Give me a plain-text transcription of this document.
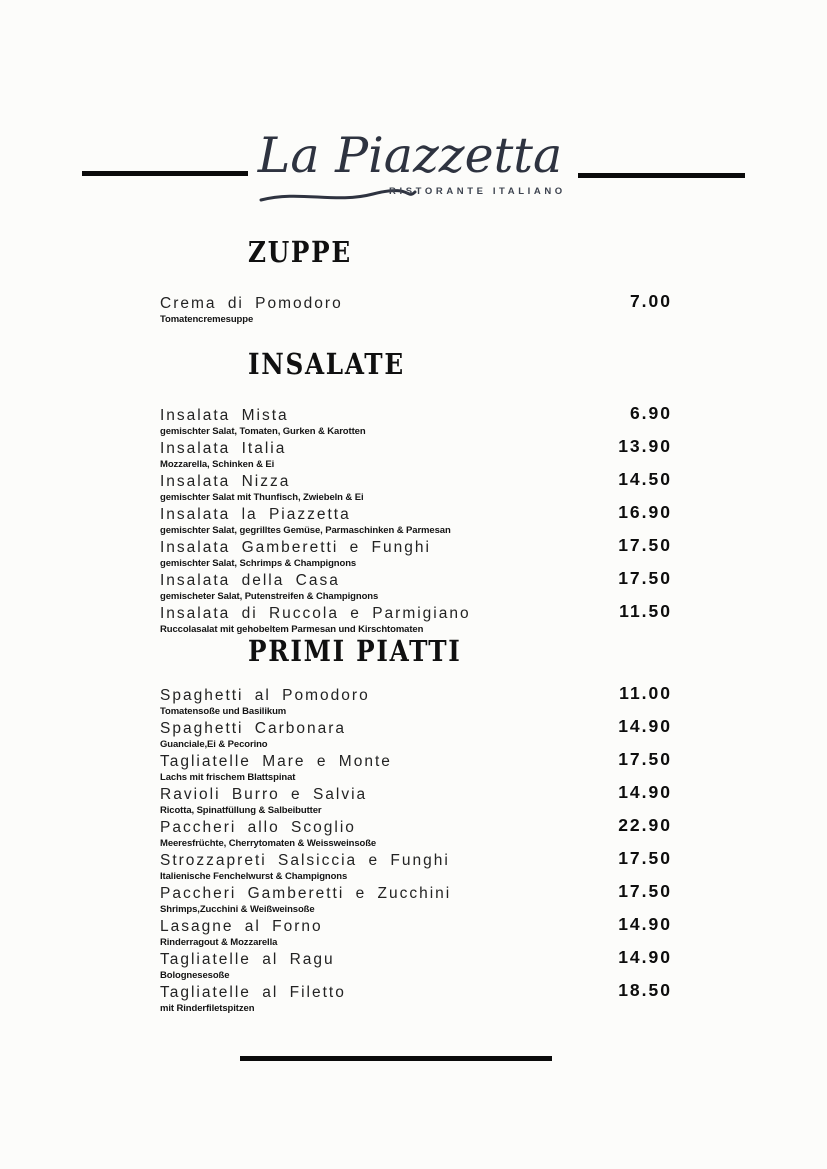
La Piazzetta
RISTORANTE ITALIANO
ZUPPE
Crema di Pomodoro
Tomatencremesuppe
7.00
INSALATE
Insalata Mista
gemischter Salat, Tomaten, Gurken & Karotten
6.90
Insalata Italia
Mozzarella, Schinken & Ei
13.90
Insalata Nizza
gemischter Salat mit Thunfisch, Zwiebeln & Ei
14.50
Insalata la Piazzetta
gemischter Salat, gegrilltes Gemüse, Parmaschinken & Parmesan
16.90
Insalata Gamberetti e Funghi
gemischter Salat, Schrimps & Champignons
17.50
Insalata della Casa
gemischeter Salat, Putenstreifen & Champignons
17.50
Insalata di Ruccola e Parmigiano
Ruccolasalat mit gehobeltem Parmesan und Kirschtomaten
11.50
PRIMI PIATTI
Spaghetti al Pomodoro
Tomatensoße und Basilikum
11.00
Spaghetti Carbonara
Guanciale,Ei & Pecorino
14.90
Tagliatelle Mare e Monte
Lachs mit frischem Blattspinat
17.50
Ravioli Burro e Salvia
Ricotta, Spinatfüllung & Salbeibutter
14.90
Paccheri allo Scoglio
Meeresfrüchte, Cherrytomaten & Weissweinsoße
22.90
Strozzapreti Salsiccia e Funghi
Italienische Fenchelwurst & Champignons
17.50
Paccheri Gamberetti e Zucchini
Shrimps,Zucchini & Weißweinsoße
17.50
Lasagne al Forno
Rinderragout & Mozzarella
14.90
Tagliatelle al Ragu
Bolognesesoße
14.90
Tagliatelle al Filetto
mit Rinderfiletspitzen
18.50
